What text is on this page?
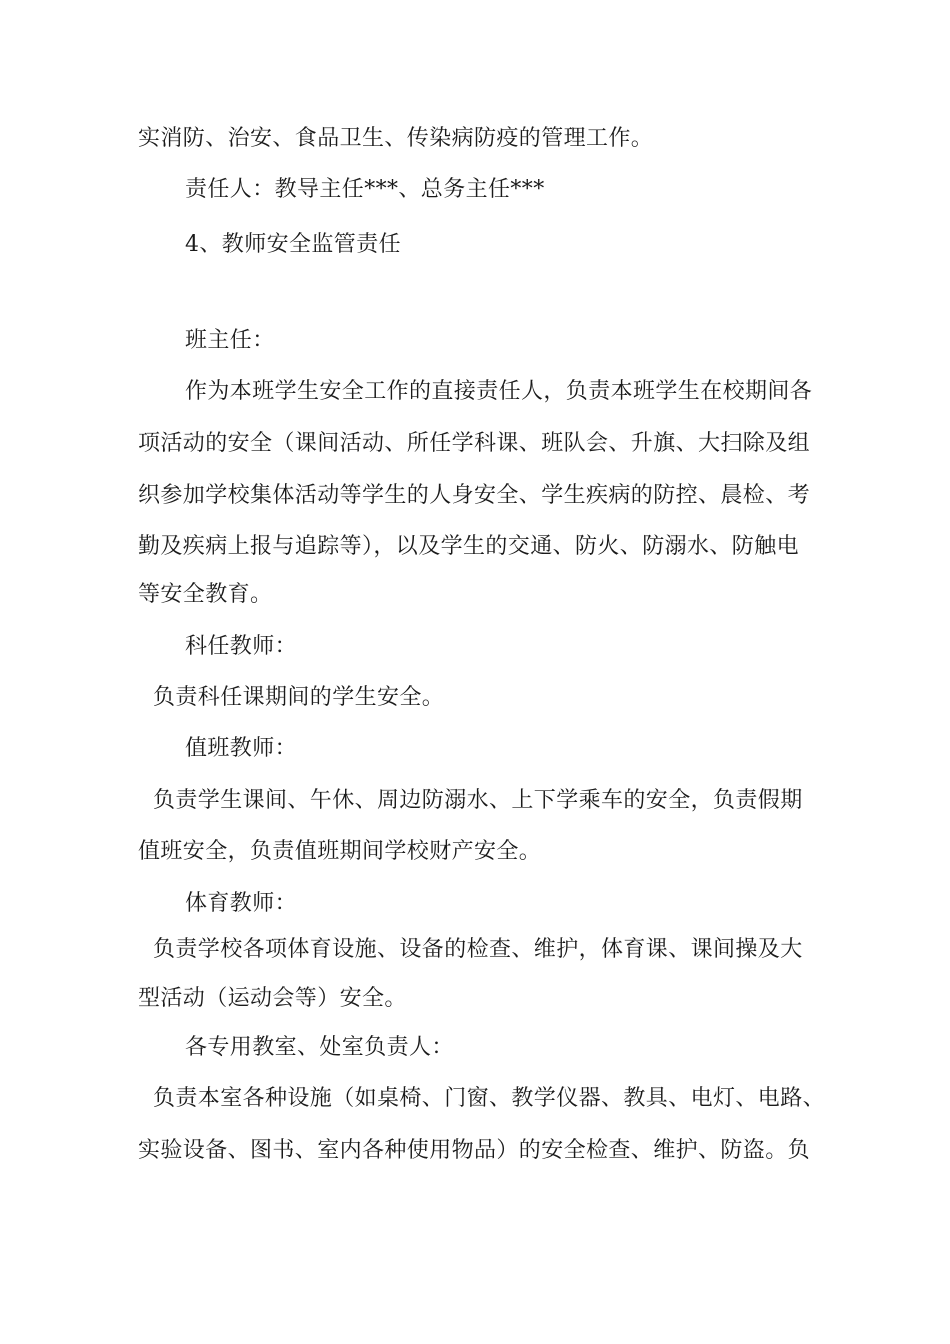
实消防、治安、食品卫生、传染病防疫的管理工作。
责任人：教导主任***、总务主任***
4、教师安全监管责任
班主任：
作为本班学生安全工作的直接责任人，负责本班学生在校期间各
项活动的安全（课间活动、所任学科课、班队会、升旗、大扫除及组
织参加学校集体活动等学生的人身安全、学生疾病的防控、晨检、考
勤及疾病上报与追踪等），以及学生的交通、防火、防溺水、防触电
等安全教育。
科任教师：
负责科任课期间的学生安全。
值班教师：
负责学生课间、午休、周边防溺水、上下学乘车的安全，负责假期
值班安全，负责值班期间学校财产安全。
体育教师：
负责学校各项体育设施、设备的检查、维护，体育课、课间操及大
型活动（运动会等）安全。
各专用教室、处室负责人：
负责本室各种设施（如桌椅、门窗、教学仪器、教具、电灯、电路、
实验设备、图书、室内各种使用物品）的安全检查、维护、防盗。负
